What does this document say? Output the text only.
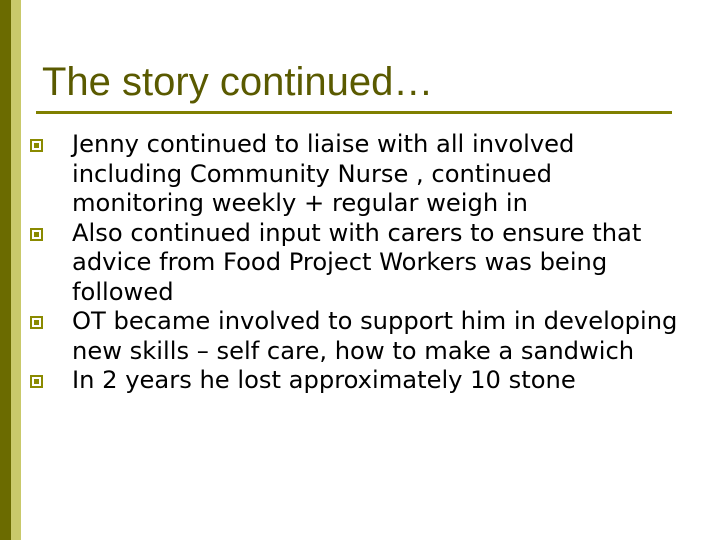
The story continued…
Jenny continued to liaise with all involved including Community Nurse , continued monitoring weekly + regular weigh in
Also continued input with carers to ensure that advice from Food Project Workers was being followed
OT became involved to support him in developing new skills – self care, how to make a sandwich
In 2 years he lost approximately 10 stone
